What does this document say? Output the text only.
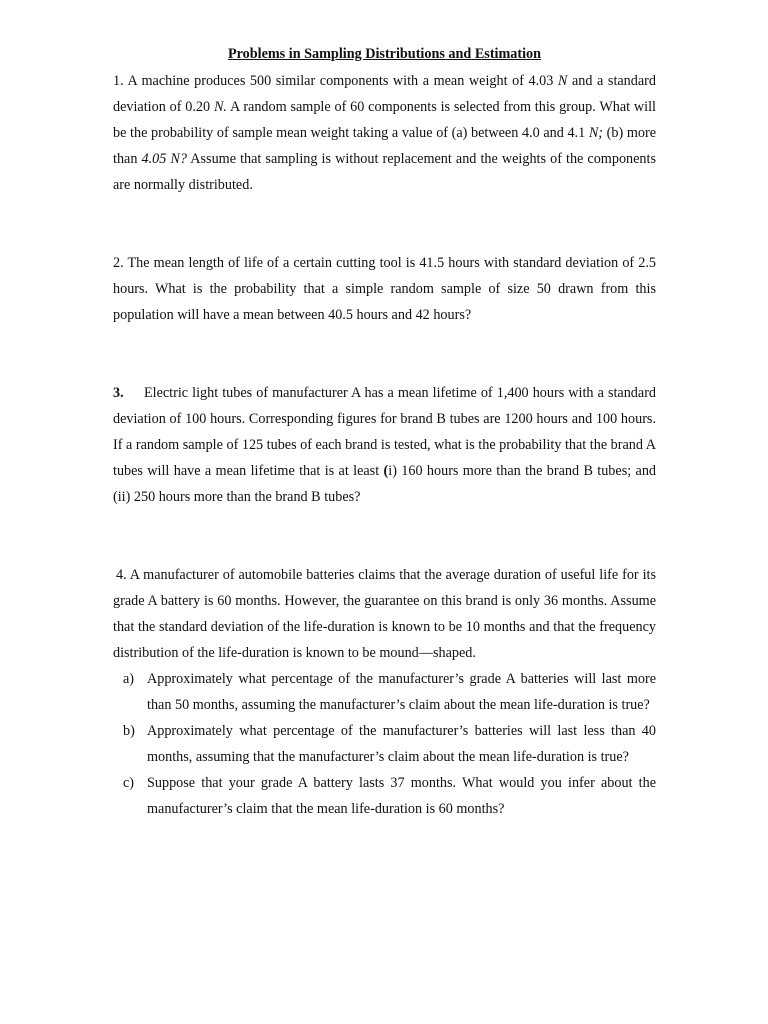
Problems in Sampling Distributions and Estimation

1. A machine produces 500 similar components with a mean weight of 4.03 N and a standard deviation of 0.20 N. A random sample of 60 components is selected from this group. What will be the probability of sample mean weight taking a value of (a) between 4.0 and 4.1 N; (b) more than 4.05 N? Assume that sampling is without replacement and the weights of the components are normally distributed.

2. The mean length of life of a certain cutting tool is 41.5 hours with standard deviation of 2.5 hours. What is the probability that a simple random sample of size 50 drawn from this population will have a mean between 40.5 hours and 42 hours?

3. Electric light tubes of manufacturer A has a mean lifetime of 1,400 hours with a standard deviation of 100 hours. Corresponding figures for brand B tubes are 1200 hours and 100 hours. If a random sample of 125 tubes of each brand is tested, what is the probability that the brand A tubes will have a mean lifetime that is at least (i) 160 hours more than the brand B tubes; and (ii) 250 hours more than the brand B tubes?

4. A manufacturer of automobile batteries claims that the average duration of useful life for its grade A battery is 60 months. However, the guarantee on this brand is only 36 months. Assume that the standard deviation of the life-duration is known to be 10 months and that the frequency distribution of the life-duration is known to be mound—shaped.

a) Approximately what percentage of the manufacturer’s grade A batteries will last more than 50 months, assuming the manufacturer’s claim about the mean life-duration is true?
b) Approximately what percentage of the manufacturer’s batteries will last less than 40 months, assuming that the manufacturer’s claim about the mean life-duration is true?
c) Suppose that your grade A battery lasts 37 months. What would you infer about the manufacturer’s claim that the mean life-duration is 60 months?
